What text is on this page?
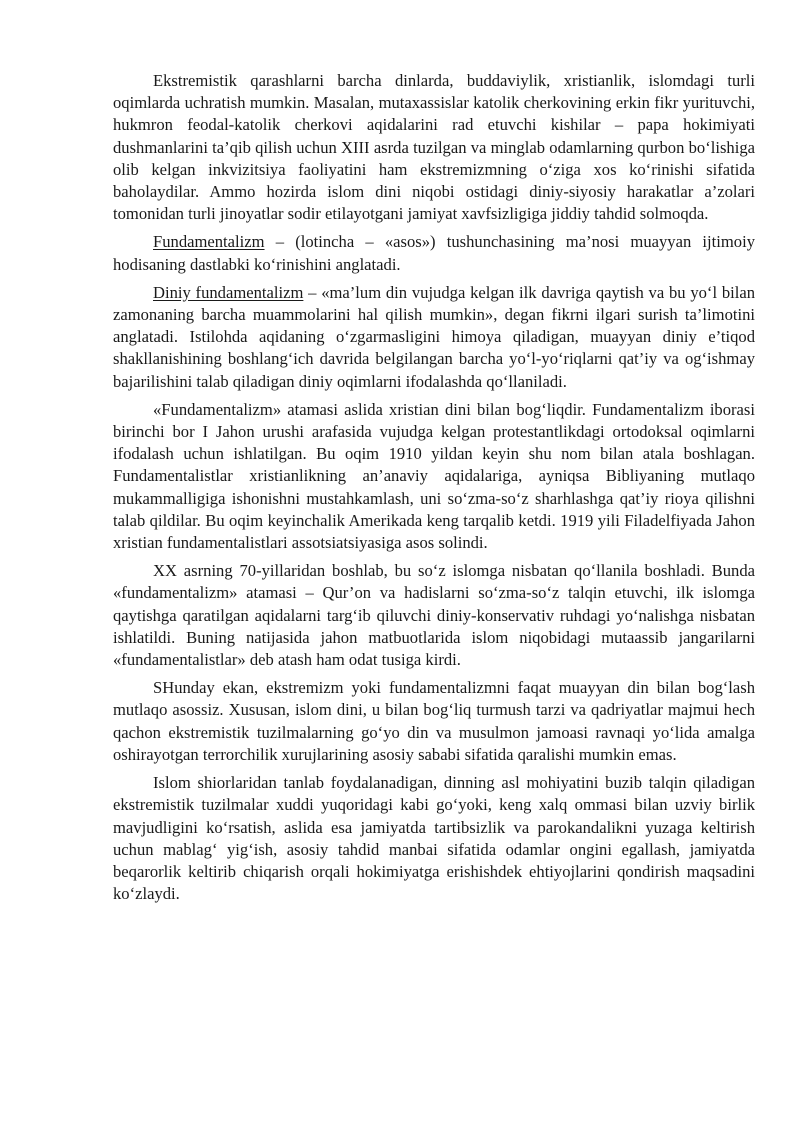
Ekstremistik qarashlarni barcha dinlarda, buddaviylik, xristianlik, islomdagi turli oqimlarda uchratish mumkin. Masalan, mutaxassislar katolik cherkovining erkin fikr yurituvchi, hukmron feodal-katolik cherkovi aqidalarini rad etuvchi kishilar – papa hokimiyati dushmanlarini ta’qib qilish uchun XIII asrda tuzilgan va minglab odamlarning qurbon bo‘lishiga olib kelgan inkvizitsiya faoliyatini ham ekstremizmning o‘ziga xos ko‘rinishi sifatida baholaydilar. Ammo hozirda islom dini niqobi ostidagi diniy-siyosiy harakatlar a’zolari tomonidan turli jinoyatlar sodir etilayotgani jamiyat xavfsizligiga jiddiy tahdid solmoqda.

Fundamentalizm – (lotincha – «asos») tushunchasining ma’nosi muayyan ijtimoiy hodisaning dastlabki ko‘rinishini anglatadi.

Diniy fundamentalizm – «ma’lum din vujudga kelgan ilk davriga qaytish va bu yo‘l bilan zamonaning barcha muammolarini hal qilish mumkin», degan fikrni ilgari surish ta’limotini anglatadi. Istilohda aqidaning o‘zgarmasligini himoya qiladigan, muayyan diniy e’tiqod shakllanishining boshlang‘ich davrida belgilangan barcha yo‘l-yo‘riqlarni qat’iy va og‘ishmay bajarilishini talab qiladigan diniy oqimlarni ifodalashda qo‘llaniladi.

«Fundamentalizm» atamasi aslida xristian dini bilan bog‘liqdir. Fundamentalizm iborasi birinchi bor I Jahon urushi arafasida vujudga kelgan protestantlikdagi ortodoksal oqimlarni ifodalash uchun ishlatilgan. Bu oqim 1910 yildan keyin shu nom bilan atala boshlagan. Fundamentalistlar xristianlikning an’anaviy aqidalariga, ayniqsa Bibliyaning mutlaqo mukammalligiga ishonishni mustahkamlash, uni so‘zma-so‘z sharhlashga qat’iy rioya qilishni talab qildilar. Bu oqim keyinchalik Amerikada keng tarqalib ketdi. 1919 yili Filadelfiyada Jahon xristian fundamentalistlari assotsiatsiyasiga asos solindi.

XX asrning 70-yillaridan boshlab, bu so‘z islomga nisbatan qo‘llanila boshladi. Bunda «fundamentalizm» atamasi – Qur’on va hadislarni so‘zma-so‘z talqin etuvchi, ilk islomga qaytishga qaratilgan aqidalarni targ‘ib qiluvchi diniy-konservativ ruhdagi yo‘nalishga nisbatan ishlatildi. Buning natijasida jahon matbuotlarida islom niqobidagi mutaassib jangarilarni «fundamentalistlar» deb atash ham odat tusiga kirdi.

SHunday ekan, ekstremizm yoki fundamentalizmni faqat muayyan din bilan bog‘lash mutlaqo asossiz. Xususan, islom dini, u bilan bog‘liq turmush tarzi va qadriyatlar majmui hech qachon ekstremistik tuzilmalarning go‘yo din va musulmon jamoasi ravnaqi yo‘lida amalga oshirayotgan terrorchilik xurujlarining asosiy sababi sifatida qaralishi mumkin emas.

Islom shiorlaridan tanlab foydalanadigan, dinning asl mohiyatini buzib talqin qiladigan ekstremistik tuzilmalar xuddi yuqoridagi kabi go‘yoki, keng xalq ommasi bilan uzviy birlik mavjudligini ko‘rsatish, aslida esa jamiyatda tartibsizlik va parokandalikni yuzaga keltirish uchun mablag‘ yig‘ish, asosiy tahdid manbai sifatida odamlar ongini egallash, jamiyatda beqarorlik keltirib chiqarish orqali hokimiyatga erishishdek ehtiyojlarini qondirish maqsadini ko‘zlaydi.
